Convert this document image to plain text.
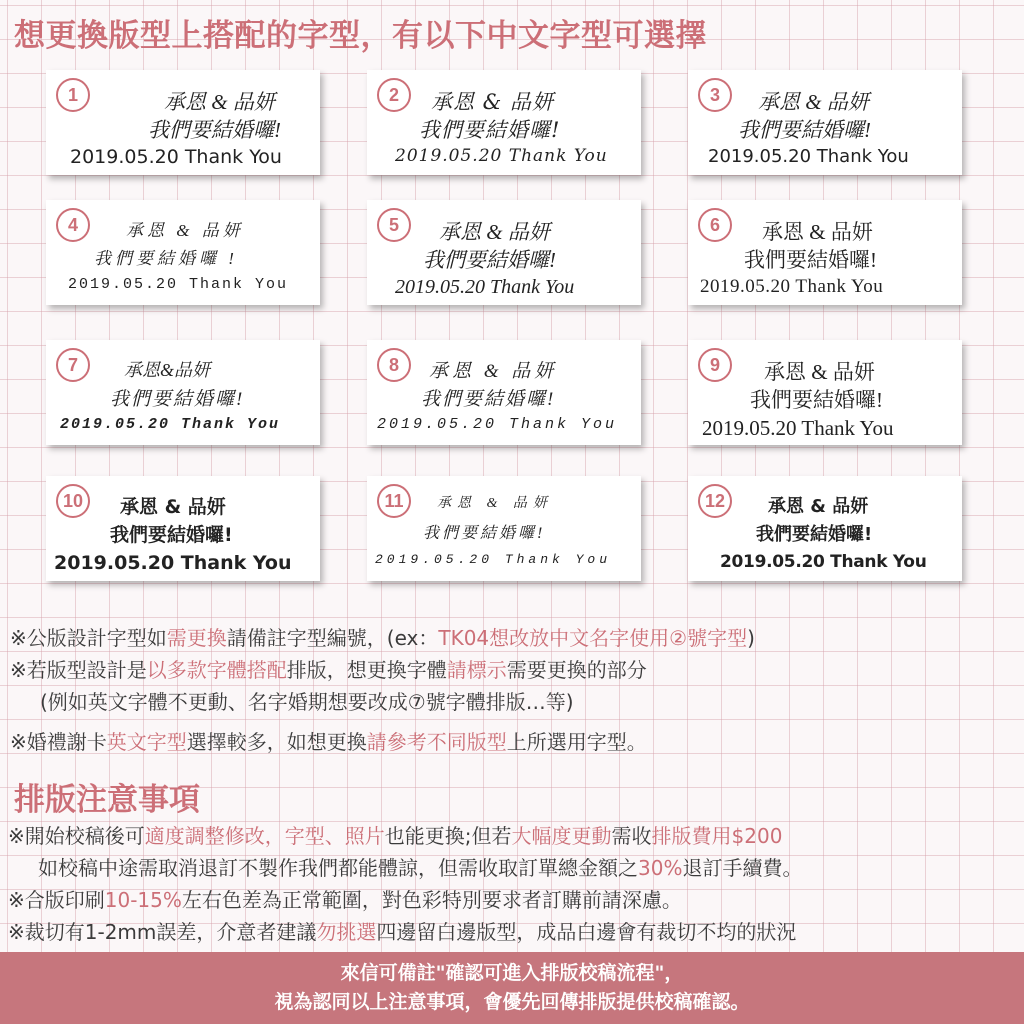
想更換版型上搭配的字型，有以下中文字型可選擇
1	承恩 & 品妍
我們要結婚囉!
2019.05.20 Thank You
2	承恩 & 品妍
我們要結婚囉!
2019.05.20 Thank You
3	承恩 & 品妍
我們要結婚囉!
2019.05.20 Thank You
4	承恩 & 品妍
我們要結婚囉 !
2019.05.20 Thank You
5	承恩 & 品妍
我們要結婚囉!
2019.05.20 Thank You
6	承恩 & 品妍
我們要結婚囉!
2019.05.20 Thank You
7	承恩&品妍
我們要結婚囉!
2019.05.20 Thank You
8	承恩 & 品妍
我們要結婚囉!
2019.05.20 Thank You
9	承恩 & 品妍
我們要結婚囉!
2019.05.20 Thank You
10	承恩 & 品妍
我們要結婚囉!
2019.05.20 Thank You
11	承恩 & 品妍
我們要結婚囉!
2019.05.20 Thank You
12	承恩 & 品妍
我們要結婚囉!
2019.05.20 Thank You

※公版設計字型如需更換請備註字型編號，(ex：TK04想改放中文名字使用②號字型)

※若版型設計是以多款字體搭配排版，想更換字體請標示需要更換的部分

(例如英文字體不更動、名字婚期想要改成⑦號字體排版…等)

※婚禮謝卡英文字型選擇較多，如想更換請參考不同版型上所選用字型。

排版注意事項

※開始校稿後可適度調整修改，字型、照片也能更換;但若大幅度更動需收排版費用$200

如校稿中途需取消退訂不製作我們都能體諒，但需收取訂單總金額之30%退訂手續費。

※合版印刷10-15%左右色差為正常範圍，對色彩特別要求者訂購前請深慮。

※裁切有1-2mm誤差，介意者建議勿挑選四邊留白邊版型，成品白邊會有裁切不均的狀況

來信可備註"確認可進入排版校稿流程"，
視為認同以上注意事項，會優先回傳排版提供校稿確認。
